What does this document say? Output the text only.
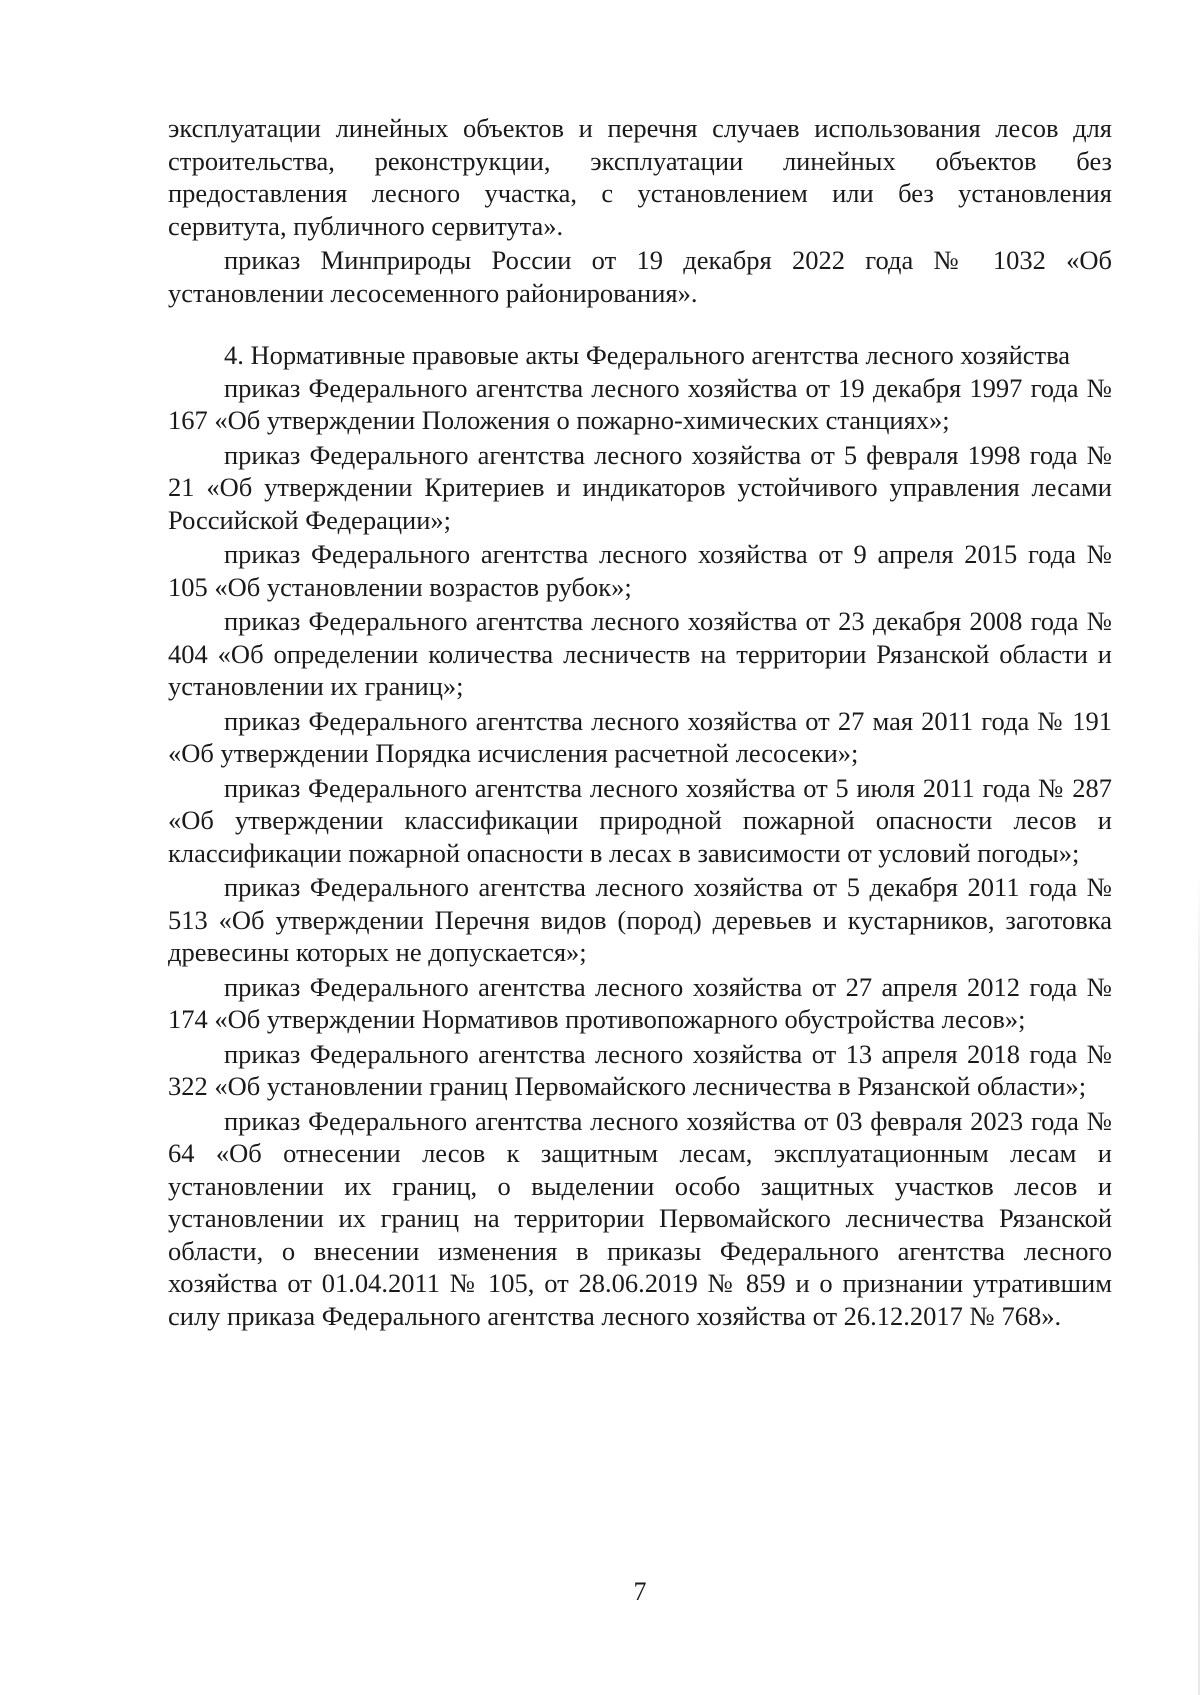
эксплуатации линейных объектов и перечня случаев использования лесов для строительства, реконструкции, эксплуатации линейных объектов без предоставления лесного участка, с установлением или без установления сервитута, публичного сервитута».

приказ Минприроды России от 19 декабря 2022 года № 1032 «Об установлении лесосеменного районирования».

4. Нормативные правовые акты Федерального агентства лесного хозяйства

приказ Федерального агентства лесного хозяйства от 19 декабря 1997 года № 167 «Об утверждении Положения о пожарно-химических станциях»;

приказ Федерального агентства лесного хозяйства от 5 февраля 1998 года № 21 «Об утверждении Критериев и индикаторов устойчивого управления лесами Российской Федерации»;

приказ Федерального агентства лесного хозяйства от 9 апреля 2015 года № 105 «Об установлении возрастов рубок»;

приказ Федерального агентства лесного хозяйства от 23 декабря 2008 года № 404 «Об определении количества лесничеств на территории Рязанской области и установлении их границ»;

приказ Федерального агентства лесного хозяйства от 27 мая 2011 года № 191 «Об утверждении Порядка исчисления расчетной лесосеки»;

приказ Федерального агентства лесного хозяйства от 5 июля 2011 года № 287 «Об утверждении классификации природной пожарной опасности лесов и классификации пожарной опасности в лесах в зависимости от условий погоды»;

приказ Федерального агентства лесного хозяйства от 5 декабря 2011 года № 513 «Об утверждении Перечня видов (пород) деревьев и кустарников, заготовка древесины которых не допускается»;

приказ Федерального агентства лесного хозяйства от 27 апреля 2012 года № 174 «Об утверждении Нормативов противопожарного обустройства лесов»;

приказ Федерального агентства лесного хозяйства от 13 апреля 2018 года № 322 «Об установлении границ Первомайского лесничества в Рязанской области»;

приказ Федерального агентства лесного хозяйства от 03 февраля 2023 года № 64 «Об отнесении лесов к защитным лесам, эксплуатационным лесам и установлении их границ, о выделении особо защитных участков лесов и установлении их границ на территории Первомайского лесничества Рязанской области, о внесении изменения в приказы Федерального агентства лесного хозяйства от 01.04.2011 № 105, от 28.06.2019 № 859 и о признании утратившим силу приказа Федерального агентства лесного хозяйства от 26.12.2017 № 768».

7
